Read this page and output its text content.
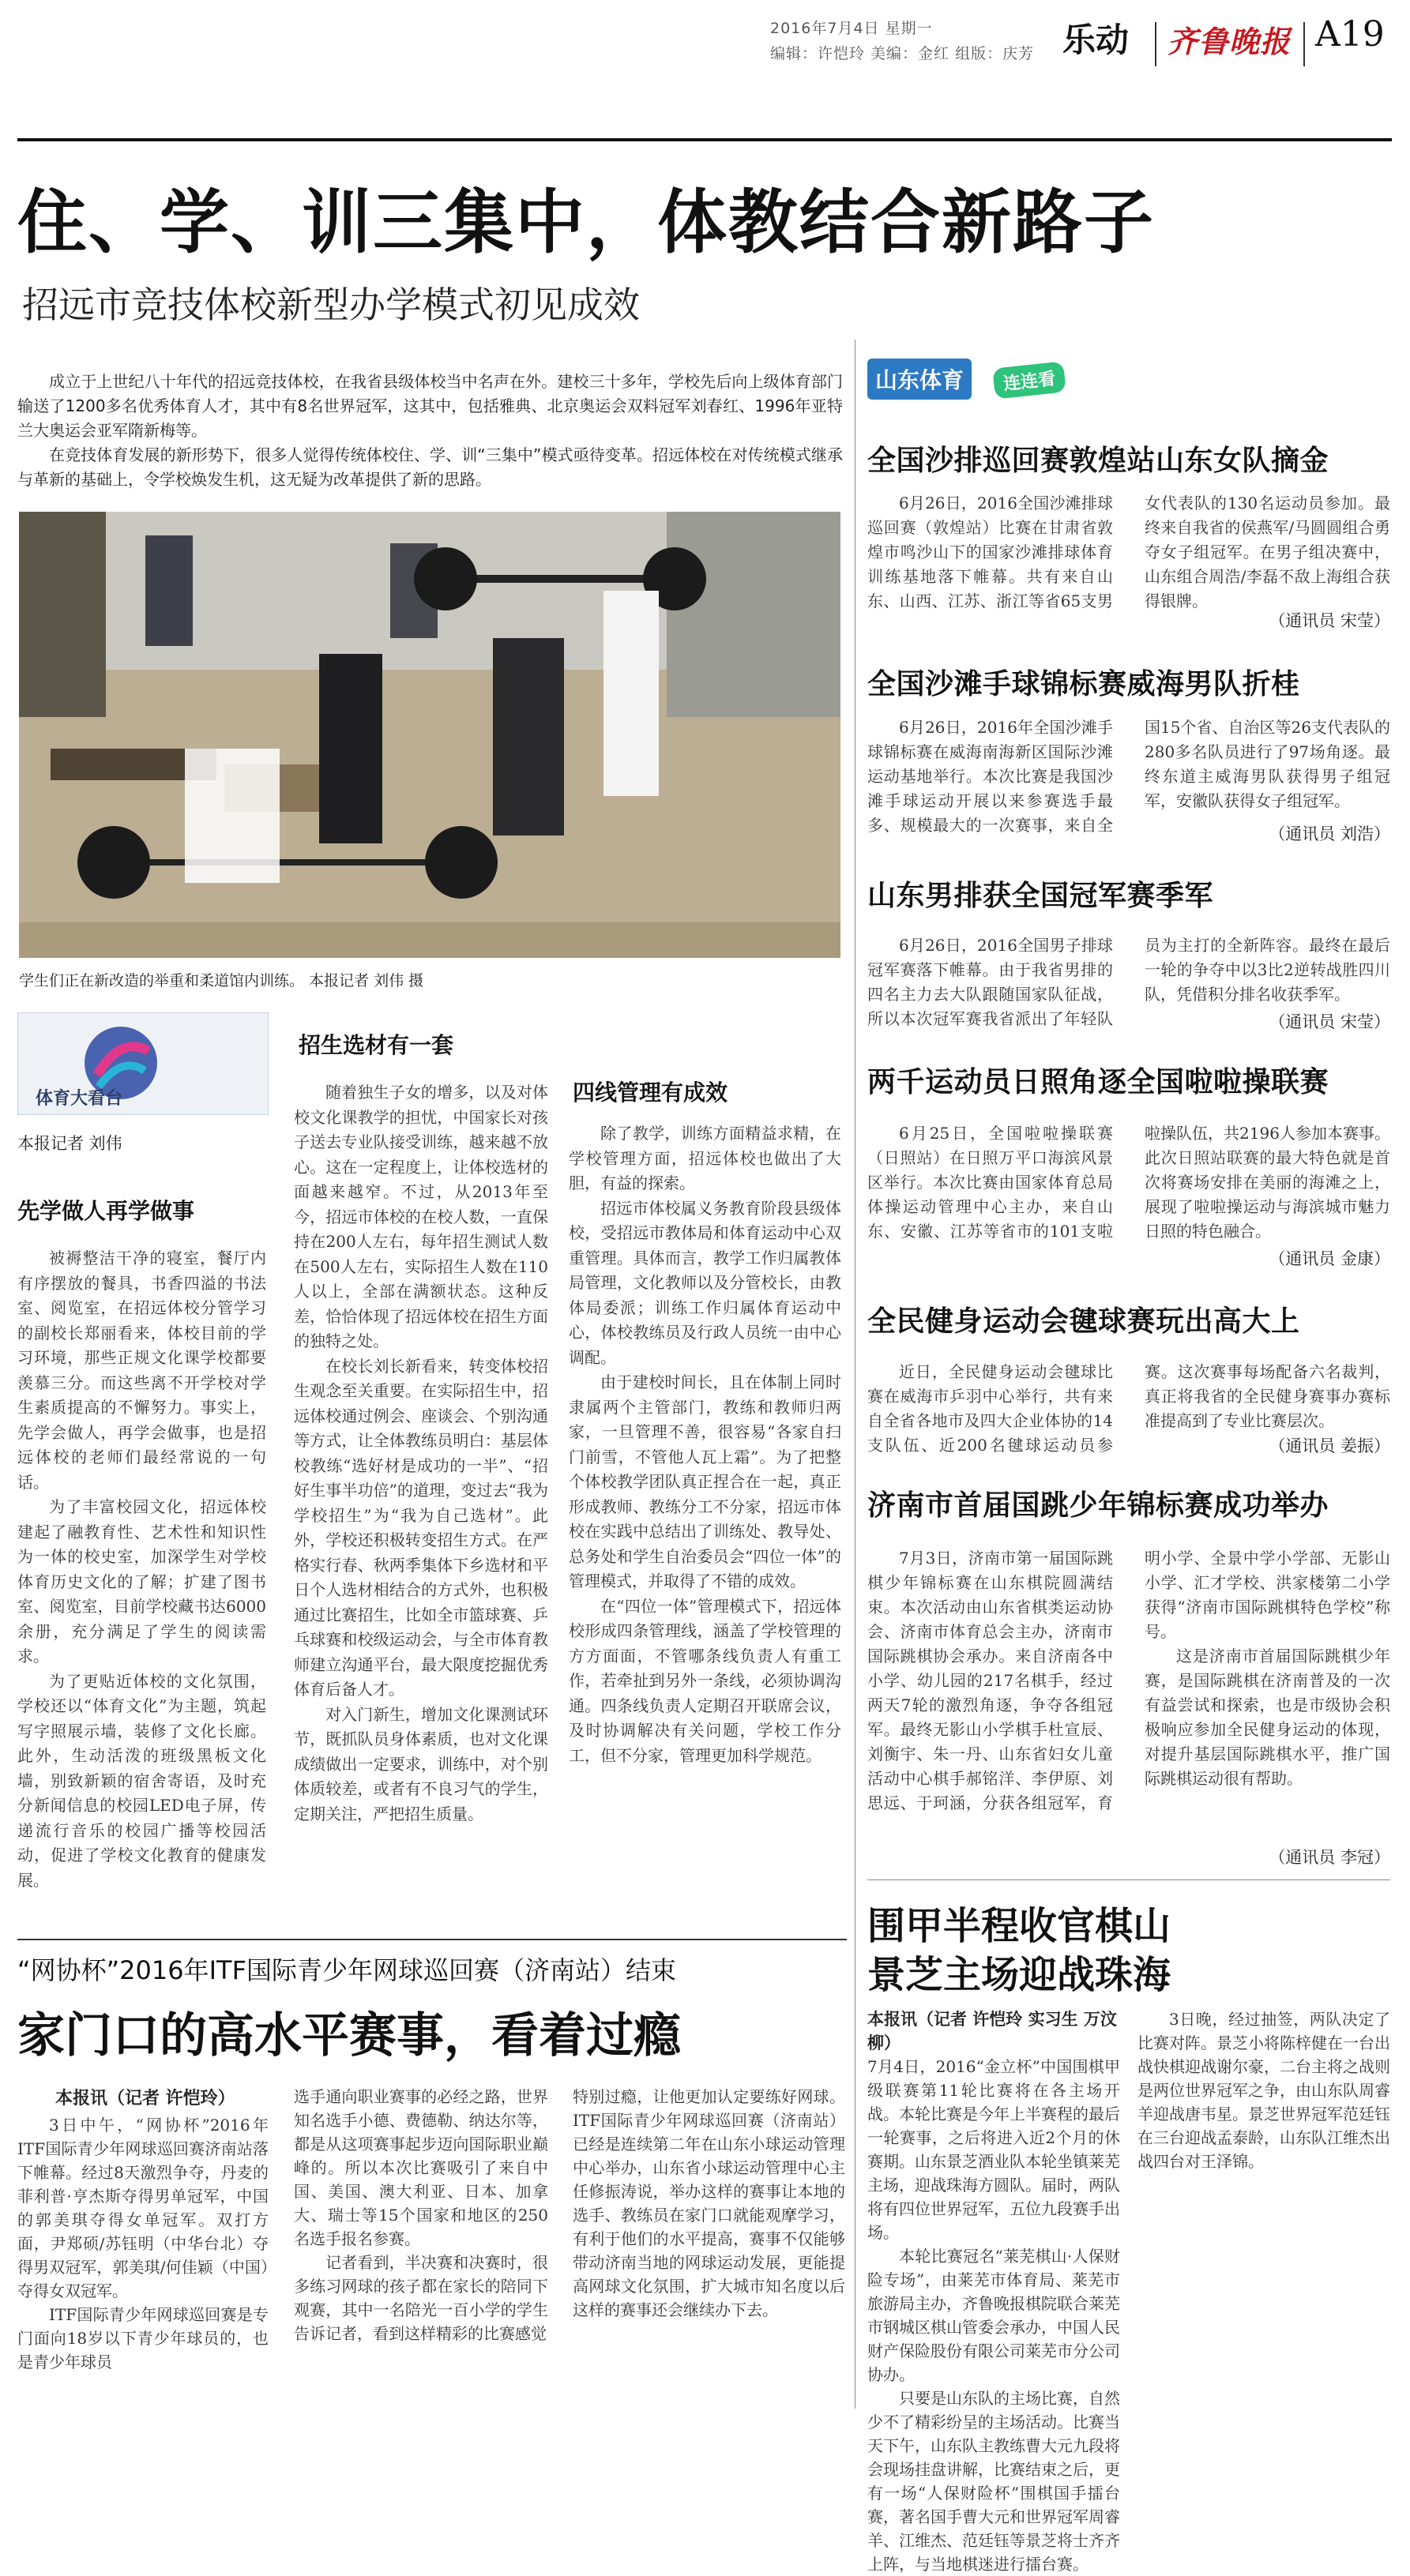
2016年7月4日 星期一
编辑：许恺玲 美编：金红 组版：庆芳 乐动 齐鲁晚报 A19
住、学、训三集中，体教结合新路子
招远市竞技体校新型办学模式初见成效

成立于上世纪八十年代的招远竞技体校，在我省县级体校当中名声在外。建校三十多年，学校先后向上级体育部门输送了1200多名优秀体育人才，其中有8名世界冠军，这其中，包括雅典、北京奥运会双料冠军刘春红、1996年亚特兰大奥运会亚军隋新梅等。

在竞技体育发展的新形势下，很多人觉得传统体校住、学、训“三集中”模式亟待变革。招远体校在对传统模式继承与革新的基础上，令学校焕发生机，这无疑为改革提供了新的思路。

学生们正在新改造的举重和柔道馆内训练。 本报记者 刘伟 摄
体育大看台
本报记者 刘伟
先学做人再学做事

被褥整洁干净的寝室，餐厅内有序摆放的餐具，书香四溢的书法室、阅览室，在招远体校分管学习的副校长郑丽看来，体校目前的学习环境，那些正规文化课学校都要羡慕三分。而这些离不开学校对学生素质提高的不懈努力。事实上，先学会做人，再学会做事，也是招远体校的老师们最经常说的一句话。

为了丰富校园文化，招远体校建起了融教育性、艺术性和知识性为一体的校史室，加深学生对学校体育历史文化的了解；扩建了图书室、阅览室，目前学校藏书达6000余册，充分满足了学生的阅读需求。

为了更贴近体校的文化氛围，学校还以“体育文化”为主题，筑起写字照展示墙，装修了文化长廊。此外，生动活泼的班级黑板文化墙，别致新颖的宿舍寄语，及时充分新闻信息的校园LED电子屏，传递流行音乐的校园广播等校园活动，促进了学校文化教育的健康发展。

招生选材有一套

随着独生子女的增多，以及对体校文化课教学的担忧，中国家长对孩子送去专业队接受训练，越来越不放心。这在一定程度上，让体校选材的面越来越窄。不过，从2013年至今，招远市体校的在校人数，一直保持在200人左右，每年招生测试人数在500人左右，实际招生人数在110人以上，全部在满额状态。这种反差，恰恰体现了招远体校在招生方面的独特之处。

在校长刘长新看来，转变体校招生观念至关重要。在实际招生中，招远体校通过例会、座谈会、个别沟通等方式，让全体教练员明白：基层体校教练“选好材是成功的一半”、“招好生事半功倍”的道理，变过去“我为学校招生”为“我为自己选材”。此外，学校还积极转变招生方式。在严格实行春、秋两季集体下乡选材和平日个人选材相结合的方式外，也积极通过比赛招生，比如全市篮球赛、乒乓球赛和校级运动会，与全市体育教师建立沟通平台，最大限度挖掘优秀体育后备人才。

对入门新生，增加文化课测试环节，既抓队员身体素质，也对文化课成绩做出一定要求，训练中，对个别体质较差，或者有不良习气的学生，定期关注，严把招生质量。

四线管理有成效

除了教学，训练方面精益求精，在学校管理方面，招远体校也做出了大胆，有益的探索。

招远市体校属义务教育阶段县级体校，受招远市教体局和体育运动中心双重管理。具体而言，教学工作归属教体局管理，文化教师以及分管校长，由教体局委派；训练工作归属体育运动中心，体校教练员及行政人员统一由中心调配。

由于建校时间长，且在体制上同时隶属两个主管部门，教练和教师归两家，一旦管理不善，很容易“各家自扫门前雪，不管他人瓦上霜”。为了把整个体校教学团队真正捏合在一起，真正形成教师、教练分工不分家，招远市体校在实践中总结出了训练处、教导处、总务处和学生自治委员会“四位一体”的管理模式，并取得了不错的成效。

在“四位一体”管理模式下，招远体校形成四条管理线，涵盖了学校管理的方方面面，不管哪条线负责人有重工作，若牵扯到另外一条线，必须协调沟通。四条线负责人定期召开联席会议，及时协调解决有关问题，学校工作分工，但不分家，管理更加科学规范。

“网协杯”2016年ITF国际青少年网球巡回赛（济南站）结束
家门口的高水平赛事，看着过瘾
本报讯（记者 许恺玲）

3日中午，“网协杯”2016年ITF国际青少年网球巡回赛济南站落下帷幕。经过8天激烈争夺，丹麦的菲利普·亨杰斯夺得男单冠军，中国的郭美琪夺得女单冠军。双打方面，尹郑硕/苏钰明（中华台北）夺得男双冠军，郭美琪/何佳颖（中国）夺得女双冠军。

ITF国际青少年网球巡回赛是专门面向18岁以下青少年球员的，也是青少年球员

选手通向职业赛事的必经之路，世界知名选手小德、费德勒、纳达尔等，都是从这项赛事起步迈向国际职业巅峰的。所以本次比赛吸引了来自中国、美国、澳大利亚、日本、加拿大、瑞士等15个国家和地区的250名选手报名参赛。

记者看到，半决赛和决赛时，很多练习网球的孩子都在家长的陪同下观赛，其中一名陪光一百小学的学生告诉记者，看到这样精彩的比赛感觉

特别过瘾，让他更加认定要练好网球。ITF国际青少年网球巡回赛（济南站）已经是连续第二年在山东小球运动管理中心举办，山东省小球运动管理中心主任修振涛说，举办这样的赛事让本地的选手、教练员在家门口就能观摩学习，有利于他们的水平提高，赛事不仅能够带动济南当地的网球运动发展，更能提高网球文化氛围，扩大城市知名度以后这样的赛事还会继续办下去。

山东体育	连连看
全国沙排巡回赛敦煌站山东女队摘金
6月26日，2016全国沙滩排球巡回赛（敦煌站）比赛在甘肃省敦煌市鸣沙山下的国家沙滩排球体育训练基地落下帷幕。共有来自山东、山西、江苏、浙江等省65支男女代表队的130名运动员参加。最终来自我省的侯燕军/马圆圆组合勇夺女子组冠军。在男子组决赛中，山东组合周浩/李磊不敌上海组合获得银牌。
（通讯员 宋莹）
全国沙滩手球锦标赛威海男队折桂
6月26日，2016年全国沙滩手球锦标赛在威海南海新区国际沙滩运动基地举行。本次比赛是我国沙滩手球运动开展以来参赛选手最多、规模最大的一次赛事，来自全国15个省、自治区等26支代表队的280多名队员进行了97场角逐。最终东道主威海男队获得男子组冠军，安徽队获得女子组冠军。
（通讯员 刘浩）
山东男排获全国冠军赛季军
6月26日，2016全国男子排球冠军赛落下帷幕。由于我省男排的四名主力去大队跟随国家队征战，所以本次冠军赛我省派出了年轻队员为主打的全新阵容。最终在最后一轮的争夺中以3比2逆转战胜四川队，凭借积分排名收获季军。
（通讯员 宋莹）
两千运动员日照角逐全国啦啦操联赛
6月25日，全国啦啦操联赛（日照站）在日照万平口海滨风景区举行。本次比赛由国家体育总局体操运动管理中心主办，来自山东、安徽、江苏等省市的101支啦啦操队伍，共2196人参加本赛事。此次日照站联赛的最大特色就是首次将赛场安排在美丽的海滩之上，展现了啦啦操运动与海滨城市魅力日照的特色融合。
（通讯员 金康）
全民健身运动会毽球赛玩出高大上
近日，全民健身运动会毽球比赛在威海市乒羽中心举行，共有来自全省各地市及四大企业体协的14支队伍、近200名毽球运动员参赛。这次赛事每场配备六名裁判，真正将我省的全民健身赛事办赛标准提高到了专业比赛层次。
（通讯员 姜振）
济南市首届国跳少年锦标赛成功举办

7月3日，济南市第一届国际跳棋少年锦标赛在山东棋院圆满结束。本次活动由山东省棋类运动协会、济南市体育总会主办，济南市国际跳棋协会承办。来自济南各中小学、幼儿园的217名棋手，经过两天7轮的激烈角逐，争夺各组冠军。最终无影山小学棋手杜宣辰、刘衡宇、朱一丹、山东省妇女儿童活动中心棋手郝铭洋、李伊原、刘思远、于珂涵，分获各组冠军，育明小学、全景中学小学部、无影山小学、汇才学校、洪家楼第二小学获得“济南市国际跳棋特色学校”称号。

这是济南市首届国际跳棋少年赛，是国际跳棋在济南普及的一次有益尝试和探索，也是市级协会积极响应参加全民健身运动的体现，对提升基层国际跳棋水平，推广国际跳棋运动很有帮助。

（通讯员 李冠）
围甲半程收官棋山
景芝主场迎战珠海
本报讯（记者 许恺玲 实习生 万汶柳）

7月4日，2016“金立杯”中国围棋甲级联赛第11轮比赛将在各主场开战。本轮比赛是今年上半赛程的最后一轮赛事，之后将进入近2个月的休赛期。山东景芝酒业队本轮坐镇莱芜主场，迎战珠海方圆队。届时，两队将有四位世界冠军，五位九段赛手出场。

本轮比赛冠名“莱芜棋山·人保财险专场”，由莱芜市体育局、莱芜市旅游局主办，齐鲁晚报棋院联合莱芜市钢城区棋山管委会承办，中国人民财产保险股份有限公司莱芜市分公司协办。

只要是山东队的主场比赛，自然少不了精彩纷呈的主场活动。比赛当天下午，山东队主教练曹大元九段将会现场挂盘讲解，比赛结束之后，更有一场“人保财险杯”围棋国手擂台赛，著名国手曹大元和世界冠军周睿羊、江维杰、范廷钰等景芝将士齐齐上阵，与当地棋迷进行擂台赛。

3日晚，经过抽签，两队决定了比赛对阵。景芝小将陈梓健在一台出战快棋迎战谢尔豪，二台主将之战则是两位世界冠军之争，由山东队周睿羊迎战唐韦星。景芝世界冠军范廷钰在三台迎战孟泰龄，山东队江维杰出战四台对王泽锦。
